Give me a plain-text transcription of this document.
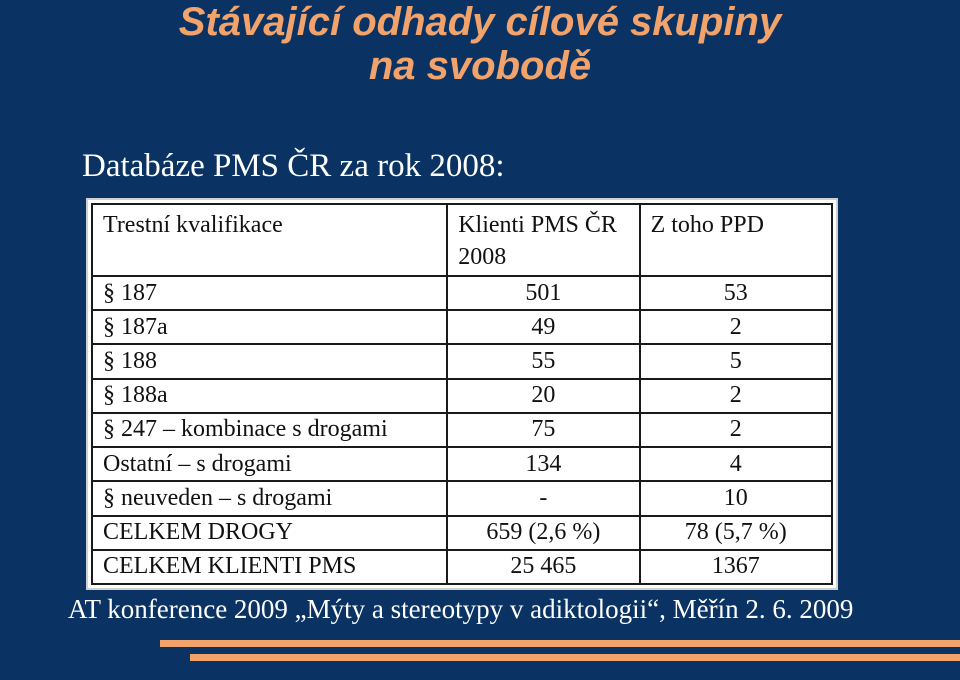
Stávající odhady cílové skupiny
na svobodě
Databáze PMS ČR za rok 2008:
Trestní kvalifikace	Klienti PMS ČR 2008	Z toho PPD
§ 187	501	53
§ 187a	49	2
§ 188	55	5
§ 188a	20	2
§ 247 – kombinace s drogami	75	2
Ostatní – s drogami	134	4
§ neuveden – s drogami	-	10
CELKEM DROGY	659 (2,6 %)	78 (5,7 %)
CELKEM KLIENTI PMS	25 465	1367
AT konference 2009 „Mýty a stereotypy v adiktologii“, Měřín 2. 6. 2009
